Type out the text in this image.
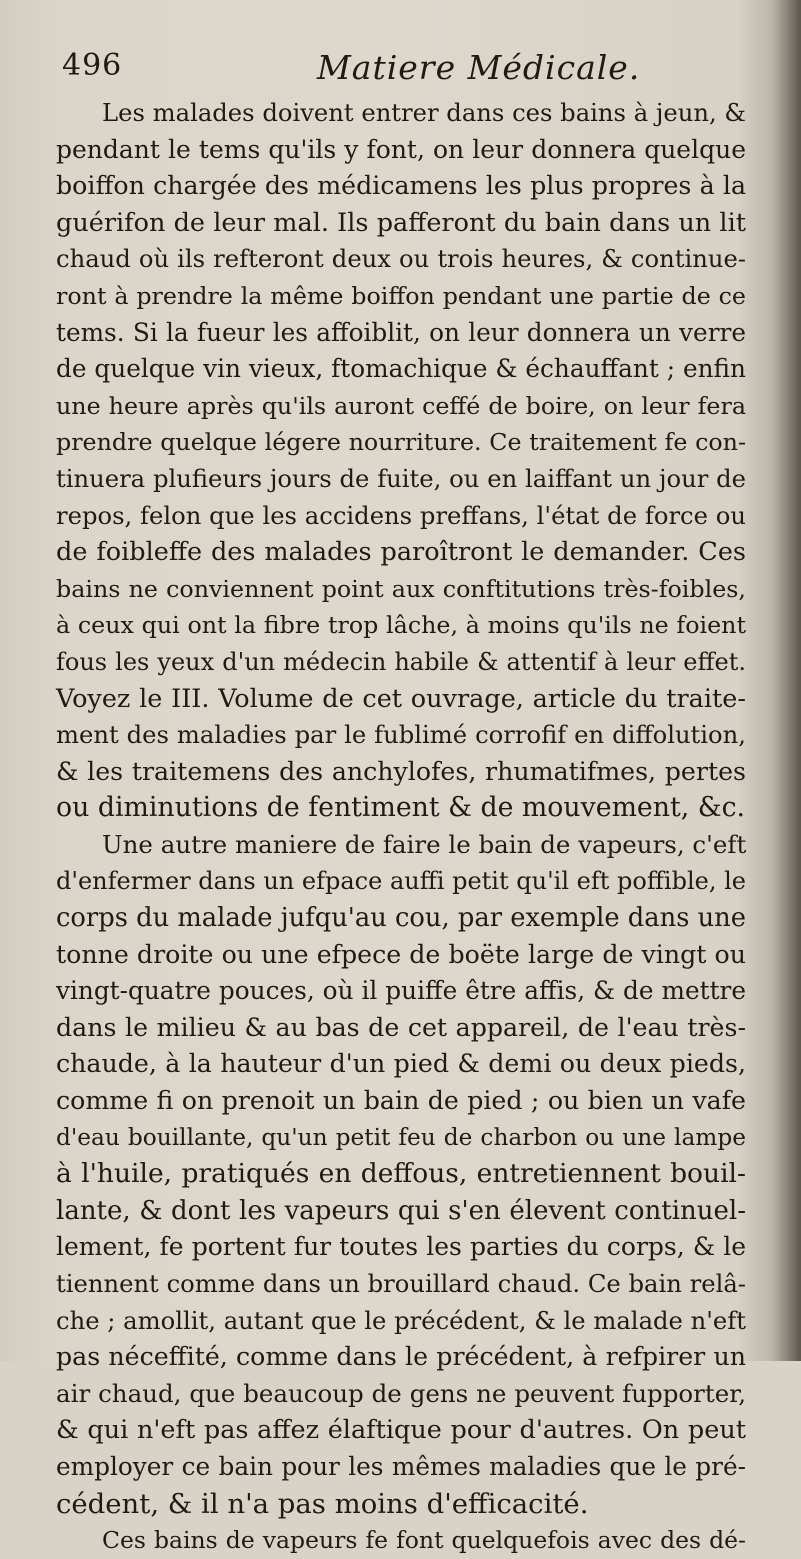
496	Matiere Médicale.
Les malades doivent entrer dans ces bains à jeun, &
pendant le tems qu'ils y font, on leur donnera quelque
boiffon chargée des médicamens les plus propres à la
guérifon de leur mal. Ils pafferont du bain dans un lit
chaud où ils refteront deux ou trois heures, & continue-
ront à prendre la même boiffon pendant une partie de ce
tems. Si la fueur les affoiblit, on leur donnera un verre
de quelque vin vieux, ftomachique & échauffant ; enfin
une heure après qu'ils auront ceffé de boire, on leur fera
prendre quelque légere nourriture. Ce traitement fe con-
tinuera plufieurs jours de fuite, ou en laiffant un jour de
repos, felon que les accidens preffans, l'état de force ou
de foibleffe des malades paroîtront le demander. Ces
bains ne conviennent point aux conftitutions très-foibles,
à ceux qui ont la fibre trop lâche, à moins qu'ils ne foient
fous les yeux d'un médecin habile & attentif à leur effet.
Voyez le III. Volume de cet ouvrage, article du traite-
ment des maladies par le fublimé corrofif en diffolution,
& les traitemens des anchylofes, rhumatifmes, pertes
ou diminutions de fentiment & de mouvement, &c.
Une autre maniere de faire le bain de vapeurs, c'eft
d'enfermer dans un efpace auffi petit qu'il eft poffible, le
corps du malade jufqu'au cou, par exemple dans une
tonne droite ou une efpece de boëte large de vingt ou
vingt-quatre pouces, où il puiffe être affis, & de mettre
dans le milieu & au bas de cet appareil, de l'eau très-
chaude, à la hauteur d'un pied & demi ou deux pieds,
comme fi on prenoit un bain de pied ; ou bien un vafe
d'eau bouillante, qu'un petit feu de charbon ou une lampe
à l'huile, pratiqués en deffous, entretiennent bouil-
lante, & dont les vapeurs qui s'en élevent continuel-
lement, fe portent fur toutes les parties du corps, & le
tiennent comme dans un brouillard chaud. Ce bain relâ-
che ; amollit, autant que le précédent, & le malade n'eft
pas néceffité, comme dans le précédent, à refpirer un
air chaud, que beaucoup de gens ne peuvent fupporter,
& qui n'eft pas affez élaftique pour d'autres. On peut
employer ce bain pour les mêmes maladies que le pré-
cédent, & il n'a pas moins d'efficacité.
Ces bains de vapeurs fe font quelquefois avec des dé-
